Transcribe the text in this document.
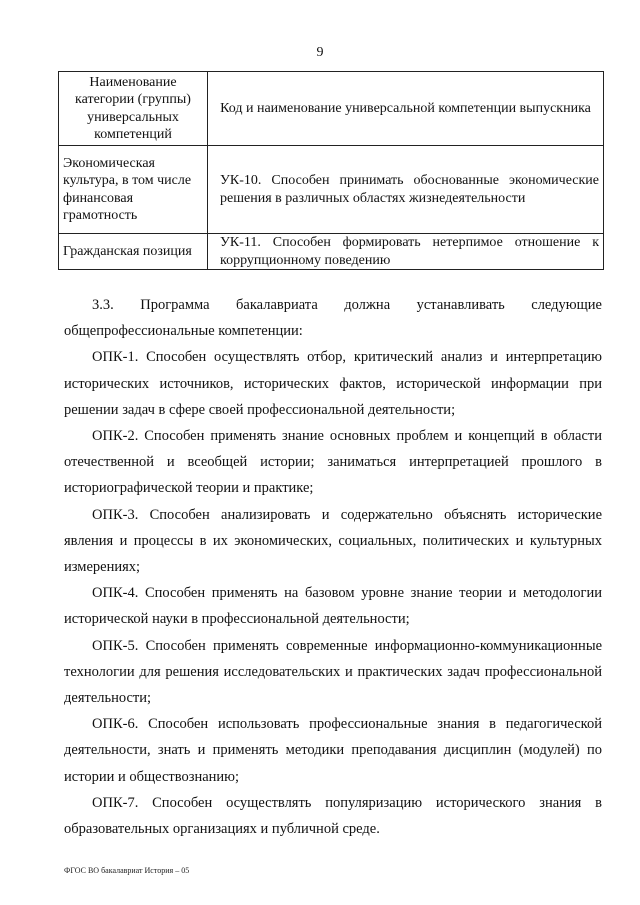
9
Наименование категории (группы) универсальных компетенций	Код и наименование универсальной компетенции выпускника
Экономическая культура, в том числе финансовая грамотность	УК-10. Способен принимать обоснованные экономические решения в различных областях жизнедеятельности
Гражданская позиция	УК-11. Способен формировать нетерпимое отношение к коррупционному поведению

3.3. Программа бакалавриата должна устанавливать следующие общепрофессиональные компетенции:

ОПК-1. Способен осуществлять отбор, критический анализ и интерпретацию исторических источников, исторических фактов, исторической информации при решении задач в сфере своей профессиональной деятельности;

ОПК-2. Способен применять знание основных проблем и концепций в области отечественной и всеобщей истории; заниматься интерпретацией прошлого в историографической теории и практике;

ОПК-3. Способен анализировать и содержательно объяснять исторические явления и процессы в их экономических, социальных, политических и культурных измерениях;

ОПК-4. Способен применять на базовом уровне знание теории и методологии исторической науки в профессиональной деятельности;

ОПК-5. Способен применять современные информационно-коммуникационные технологии для решения исследовательских и практических задач профессиональной деятельности;

ОПК-6. Способен использовать профессиональные знания в педагогической деятельности, знать и применять методики преподавания дисциплин (модулей) по истории и обществознанию;

ОПК-7. Способен осуществлять популяризацию исторического знания в образовательных организациях и публичной среде.

ФГОС ВО бакалавриат История – 05
